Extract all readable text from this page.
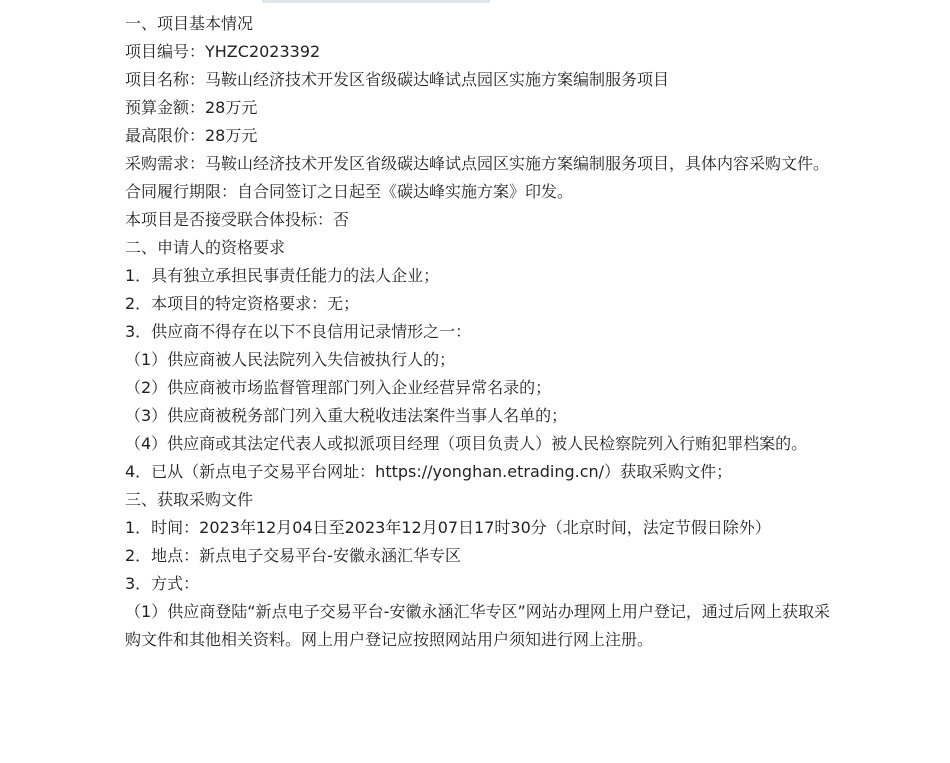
一、项目基本情况
项目编号：YHZC2023392
项目名称：马鞍山经济技术开发区省级碳达峰试点园区实施方案编制服务项目
预算金额：28万元
最高限价：28万元
采购需求：马鞍山经济技术开发区省级碳达峰试点园区实施方案编制服务项目，具体内容采购文件。
合同履行期限：自合同签订之日起至《碳达峰实施方案》印发。
本项目是否接受联合体投标：否
二、申请人的资格要求
1．具有独立承担民事责任能力的法人企业；
2．本项目的特定资格要求：无；
3．供应商不得存在以下不良信用记录情形之一：
（1）供应商被人民法院列入失信被执行人的；
（2）供应商被市场监督管理部门列入企业经营异常名录的；
（3）供应商被税务部门列入重大税收违法案件当事人名单的；
（4）供应商或其法定代表人或拟派项目经理（项目负责人）被人民检察院列入行贿犯罪档案的。
4．已从（新点电子交易平台网址：https://yonghan.etrading.cn/）获取采购文件；
三、获取采购文件
1．时间：2023年12月04日至2023年12月07日17时30分（北京时间，法定节假日除外）
2．地点：新点电子交易平台-安徽永涵汇华专区
3．方式：
（1）供应商登陆“新点电子交易平台-安徽永涵汇华专区”网站办理网上用户登记，通过后网上获取采购文件和其他相关资料。网上用户登记应按照网站用户须知进行网上注册。
